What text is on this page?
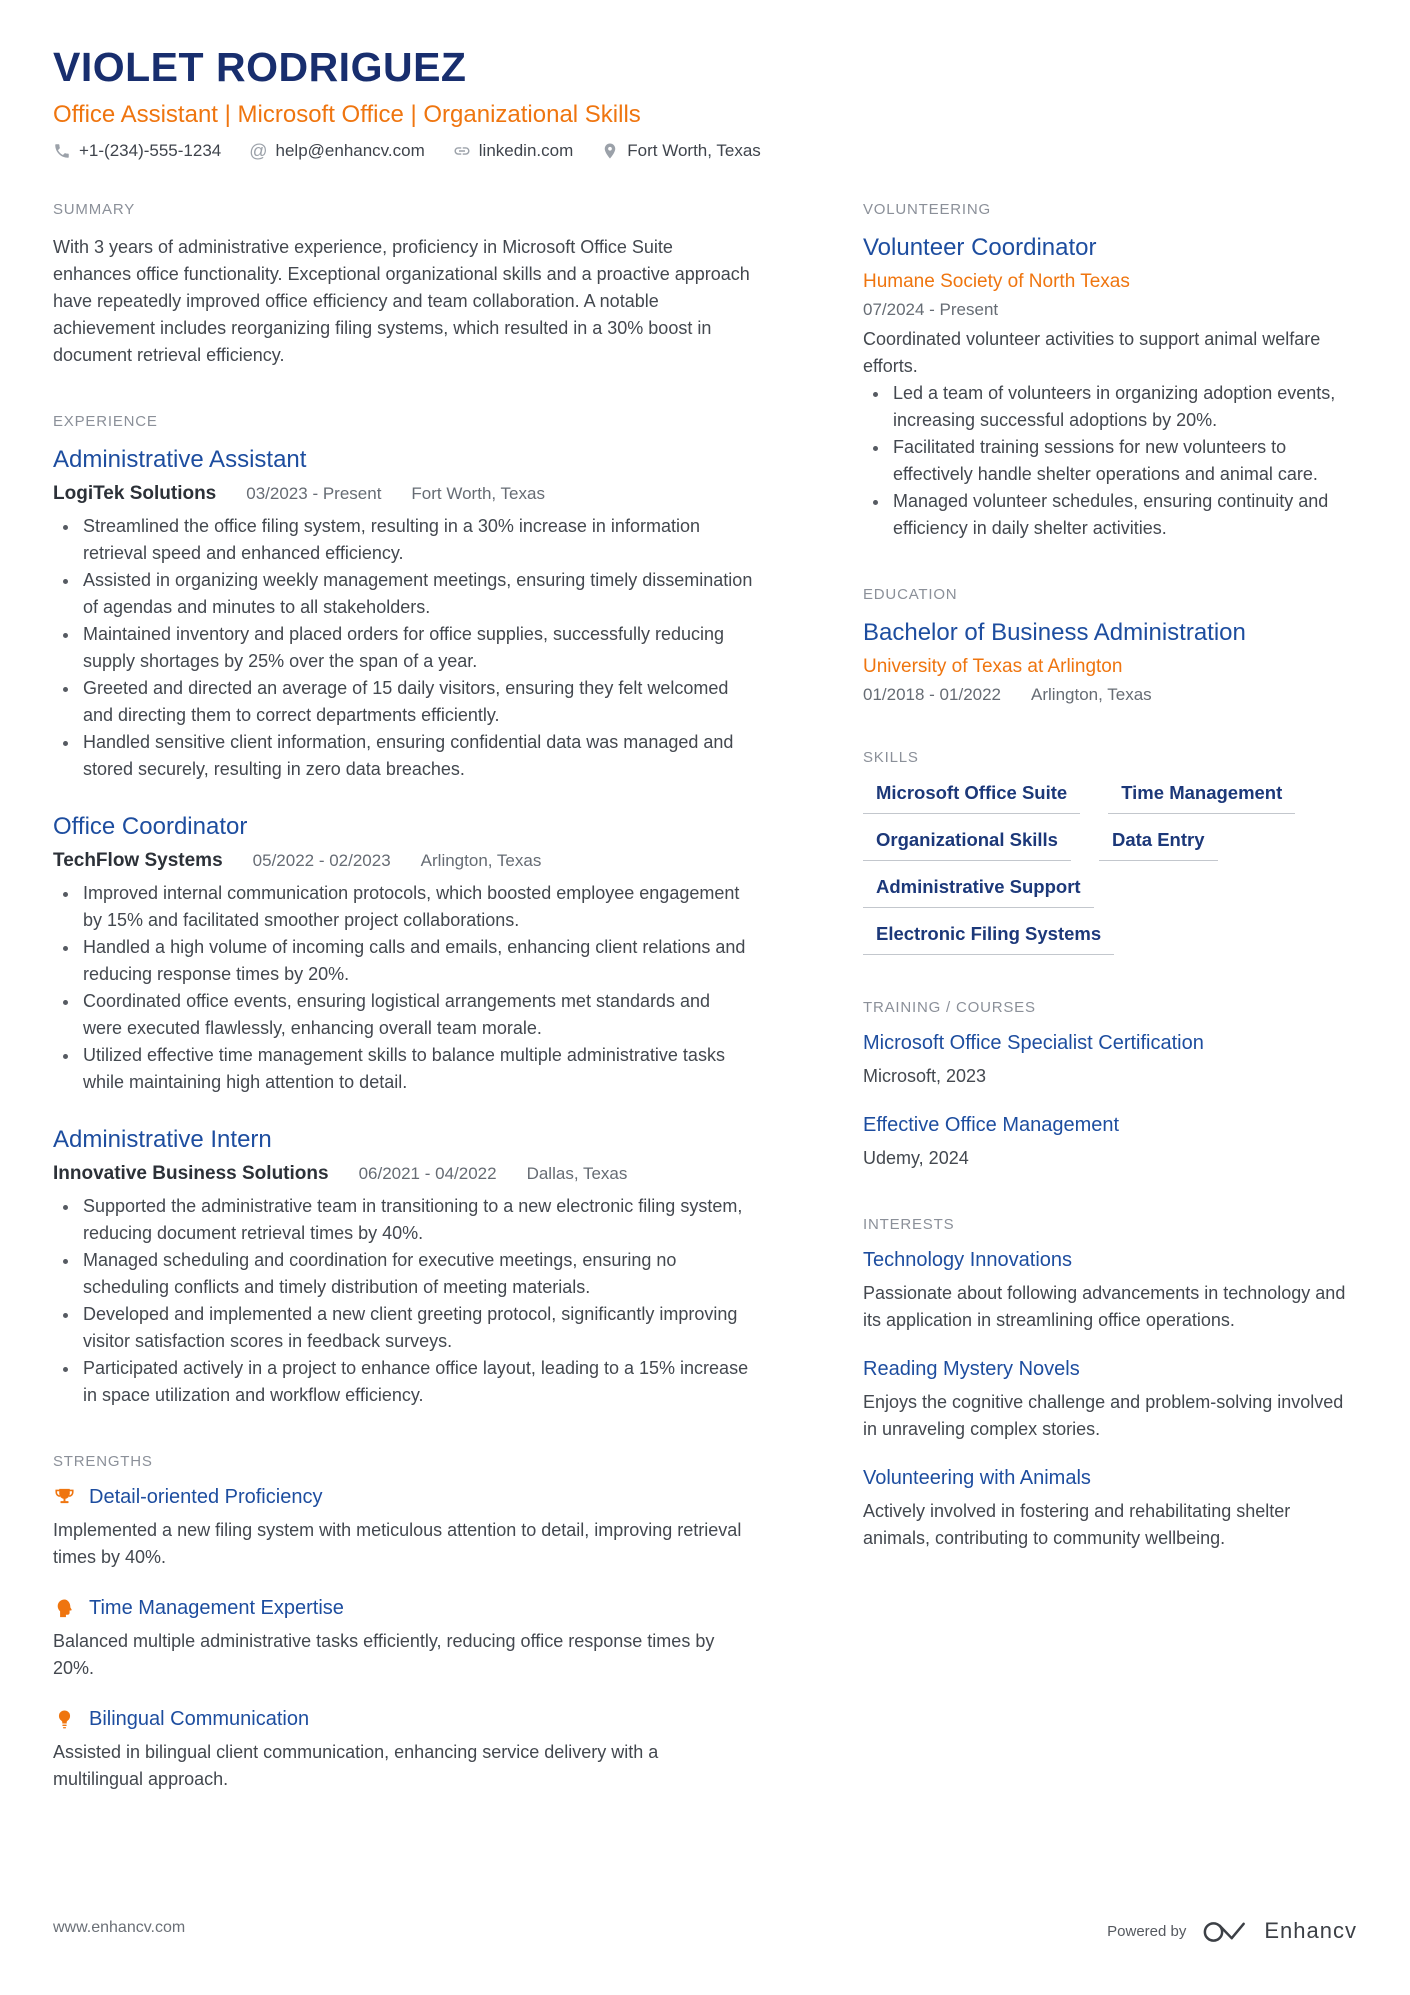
VIOLET RODRIGUEZ
Office Assistant | Microsoft Office | Organizational Skills
+1-(234)-555-1234 @ help@enhancv.com	linkedin.com	Fort Worth, Texas
SUMMARY
With 3 years of administrative experience, proficiency in Microsoft Office Suite enhances office functionality. Exceptional organizational skills and a proactive approach have repeatedly improved office efficiency and team collaboration. A notable achievement includes reorganizing filing systems, which resulted in a 30% boost in document retrieval efficiency.
EXPERIENCE
Administrative Assistant
LogiTek Solutions 03/2023 - Present Fort Worth, Texas
• Streamlined the office filing system, resulting in a 30% increase in information retrieval speed and enhanced efficiency.
• Assisted in organizing weekly management meetings, ensuring timely dissemination of agendas and minutes to all stakeholders.
• Maintained inventory and placed orders for office supplies, successfully reducing supply shortages by 25% over the span of a year.
• Greeted and directed an average of 15 daily visitors, ensuring they felt welcomed and directing them to correct departments efficiently.
• Handled sensitive client information, ensuring confidential data was managed and stored securely, resulting in zero data breaches.
Office Coordinator
TechFlow Systems 05/2022 - 02/2023 Arlington, Texas
• Improved internal communication protocols, which boosted employee engagement by 15% and facilitated smoother project collaborations.
• Handled a high volume of incoming calls and emails, enhancing client relations and reducing response times by 20%.
• Coordinated office events, ensuring logistical arrangements met standards and were executed flawlessly, enhancing overall team morale.
• Utilized effective time management skills to balance multiple administrative tasks while maintaining high attention to detail.
Administrative Intern
Innovative Business Solutions 06/2021 - 04/2022 Dallas, Texas
• Supported the administrative team in transitioning to a new electronic filing system, reducing document retrieval times by 40%.
• Managed scheduling and coordination for executive meetings, ensuring no scheduling conflicts and timely distribution of meeting materials.
• Developed and implemented a new client greeting protocol, significantly improving visitor satisfaction scores in feedback surveys.
• Participated actively in a project to enhance office layout, leading to a 15% increase in space utilization and workflow efficiency.
STRENGTHS
Detail-oriented Proficiency
Implemented a new filing system with meticulous attention to detail, improving retrieval times by 40%.
Time Management Expertise
Balanced multiple administrative tasks efficiently, reducing office response times by 20%.
Bilingual Communication
Assisted in bilingual client communication, enhancing service delivery with a multilingual approach.
VOLUNTEERING
Volunteer Coordinator
Humane Society of North Texas
07/2024 - Present
Coordinated volunteer activities to support animal welfare efforts.
• Led a team of volunteers in organizing adoption events, increasing successful adoptions by 20%.
• Facilitated training sessions for new volunteers to effectively handle shelter operations and animal care.
• Managed volunteer schedules, ensuring continuity and efficiency in daily shelter activities.
EDUCATION
Bachelor of Business Administration
University of Texas at Arlington
01/2018 - 01/2022 Arlington, Texas
SKILLS
Microsoft Office Suite	Time Management
Organizational Skills	Data Entry
Administrative Support
Electronic Filing Systems
TRAINING / COURSES
Microsoft Office Specialist Certification
Microsoft, 2023
Effective Office Management
Udemy, 2024
INTERESTS
Technology Innovations
Passionate about following advancements in technology and its application in streamlining office operations.
Reading Mystery Novels
Enjoys the cognitive challenge and problem-solving involved in unraveling complex stories.
Volunteering with Animals
Actively involved in fostering and rehabilitating shelter animals, contributing to community wellbeing.
www.enhancv.com	Powered by	Enhancv
